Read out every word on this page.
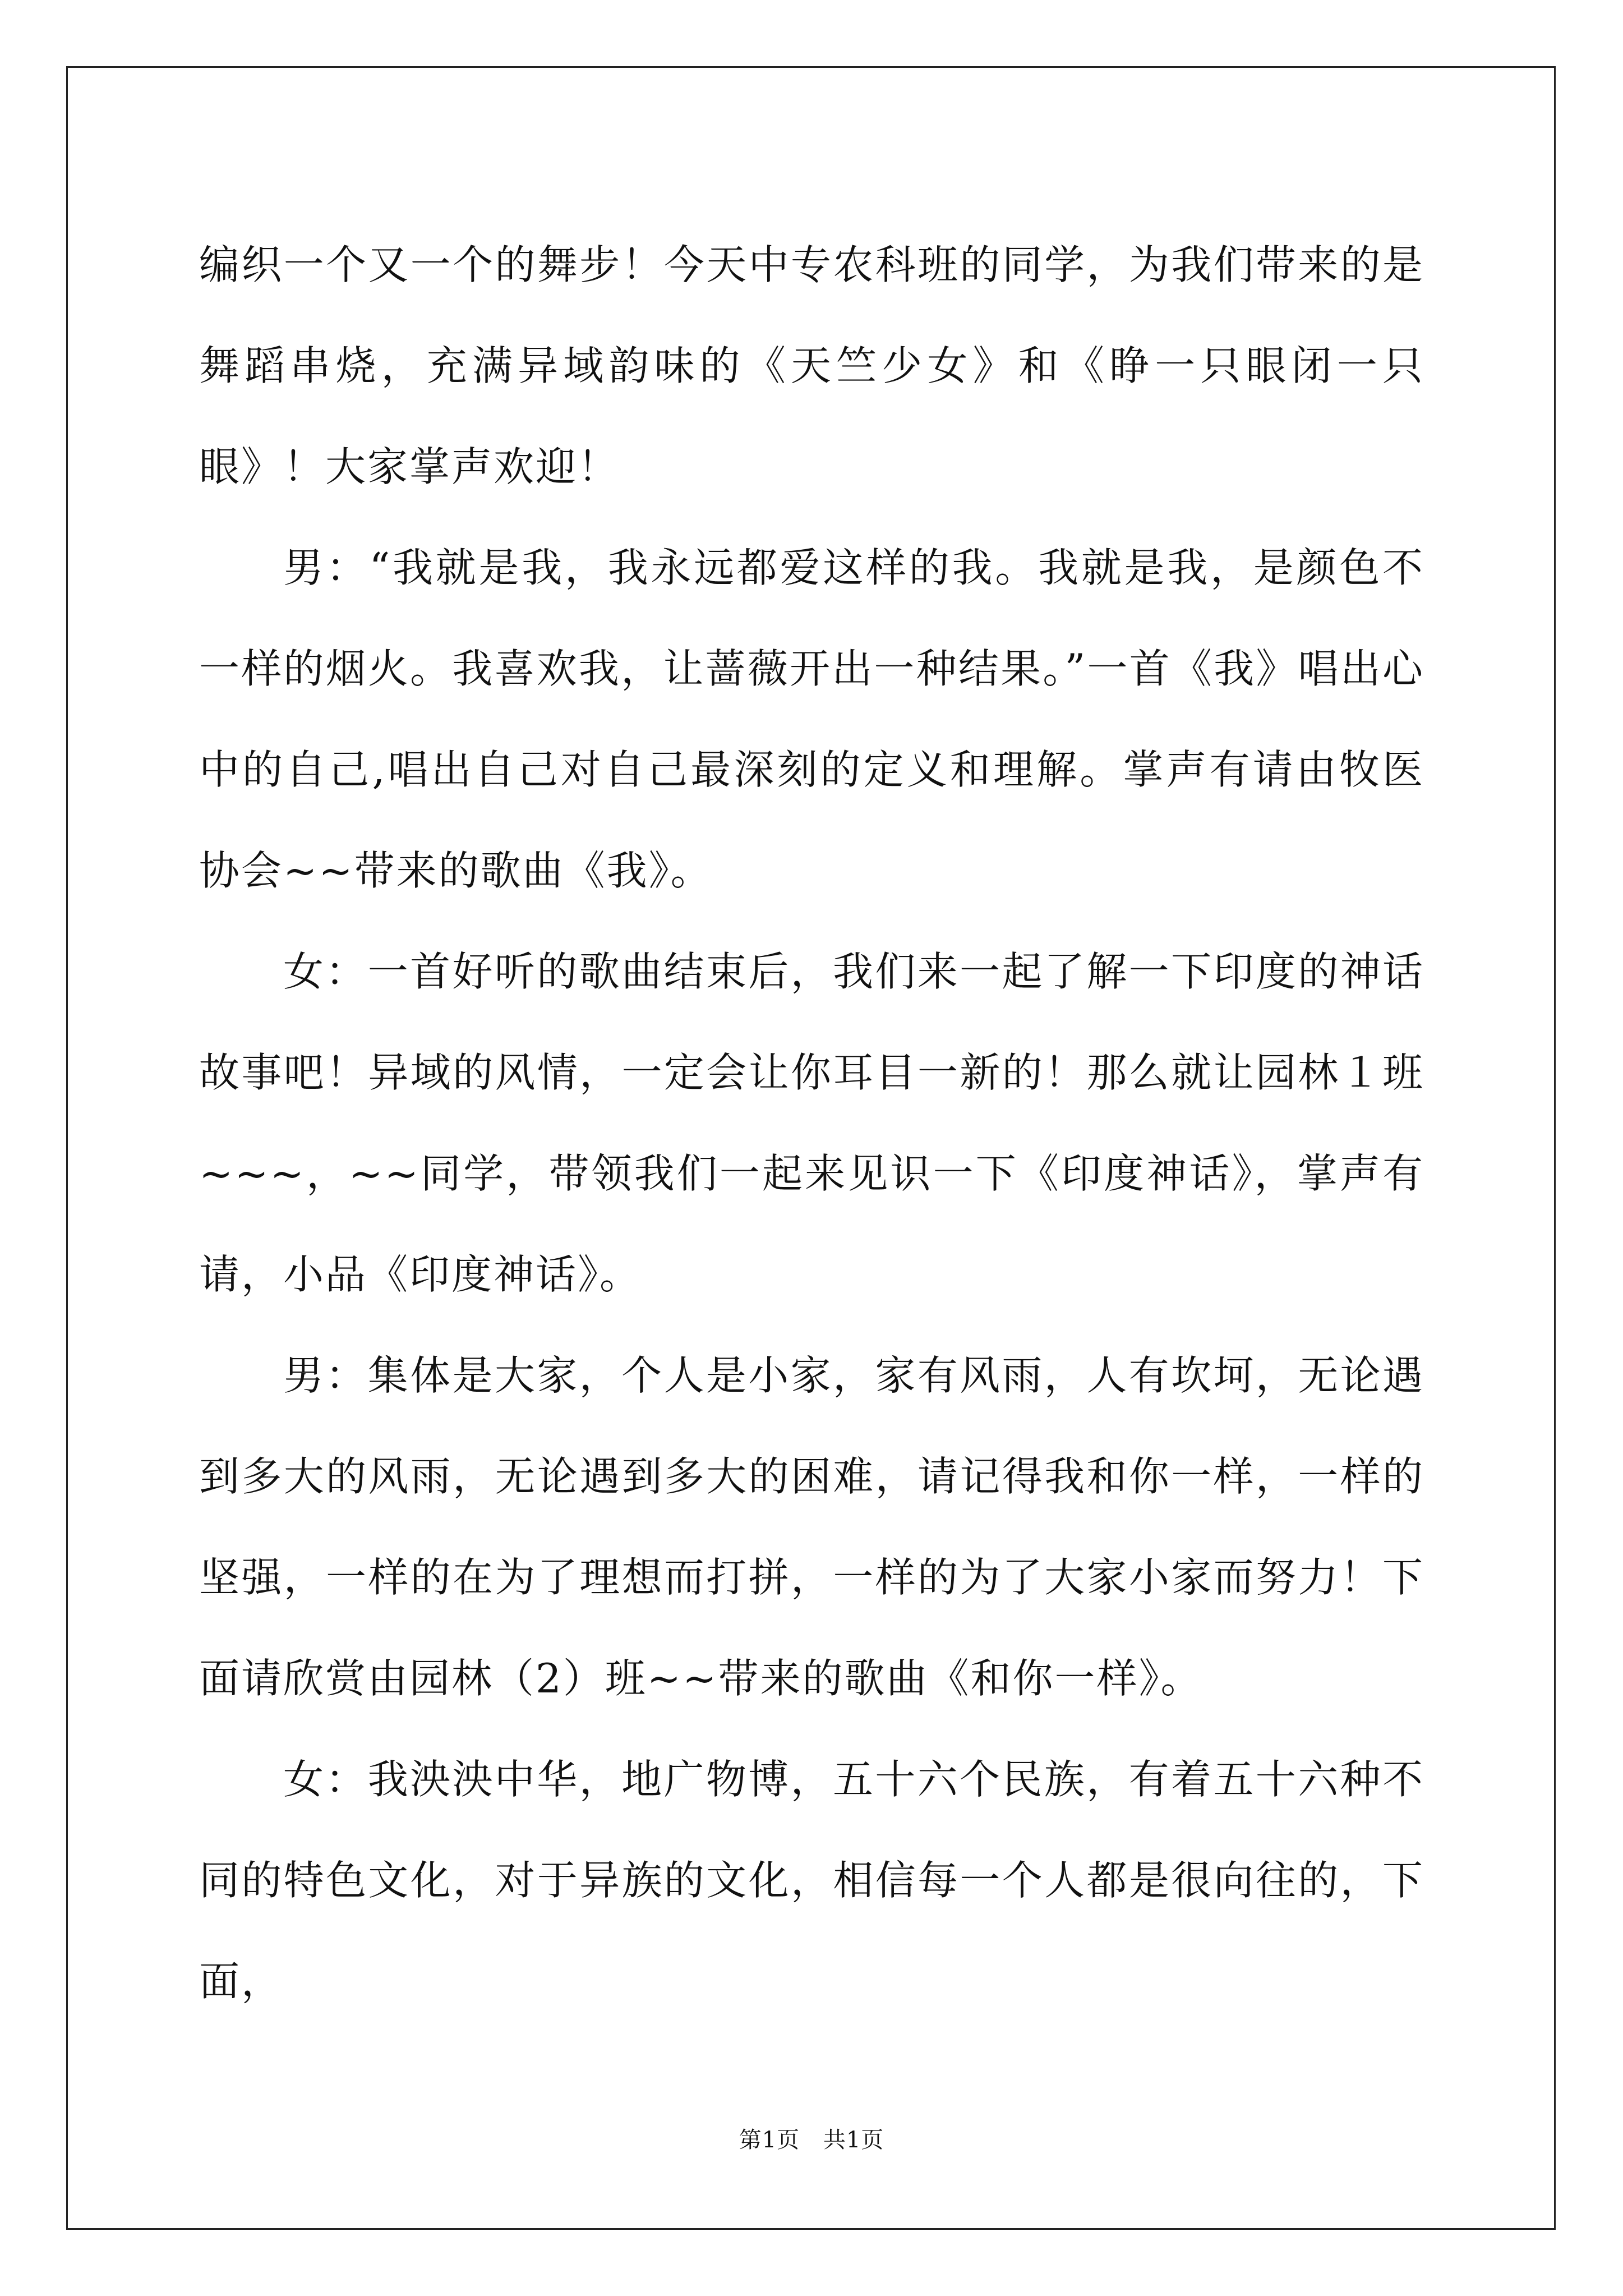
编织一个又一个的舞步！今天中专农科班的同学，为我们带来的是舞蹈串烧，充满异域韵味的《天竺少女》和《睁一只眼闭一只眼》！大家掌声欢迎！

男：“我就是我，我永远都爱这样的我。我就是我，是颜色不一样的烟火。我喜欢我，让蔷薇开出一种结果。”一首《我》唱出心中的自己,唱出自己对自己最深刻的定义和理解。掌声有请由牧医协会~~带来的歌曲《我》。

女：一首好听的歌曲结束后，我们来一起了解一下印度的神话故事吧！异域的风情，一定会让你耳目一新的！那么就让园林１班~~~，~~同学，带领我们一起来见识一下《印度神话》，掌声有请，小品《印度神话》。

男：集体是大家，个人是小家，家有风雨，人有坎坷，无论遇到多大的风雨，无论遇到多大的困难，请记得我和你一样，一样的坚强，一样的在为了理想而打拼，一样的为了大家小家而努力！下面请欣赏由园林（2）班~~带来的歌曲《和你一样》。

女：我泱泱中华，地广物博，五十六个民族，有着五十六种不同的特色文化，对于异族的文化，相信每一个人都是很向往的，下面，

第1页 共1页
